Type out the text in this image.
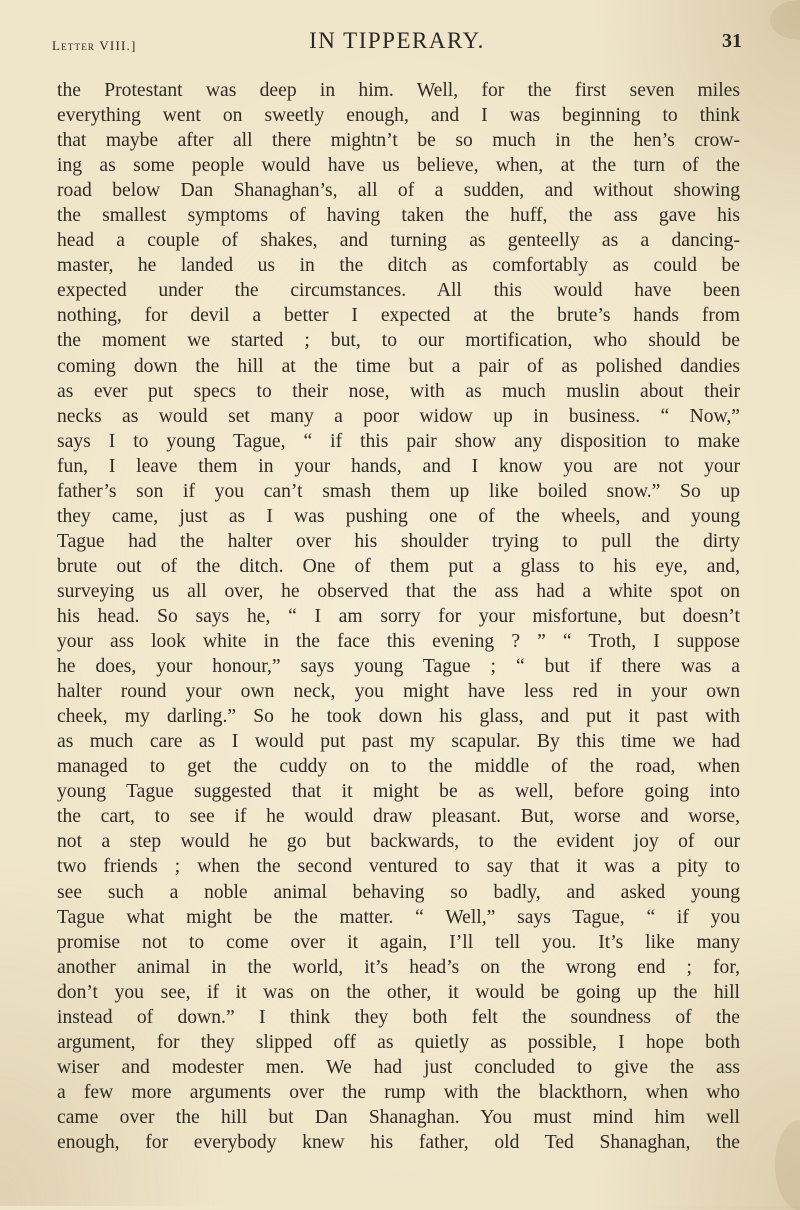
Letter VIII.]	IN TIPPERARY.	31
the Protestant was deep in him. Well, for the first seven miles
everything went on sweetly enough, and I was beginning to think
that maybe after all there mightn’t be so much in the hen’s crow-
ing as some people would have us believe, when, at the turn of the
road below Dan Shanaghan’s, all of a sudden, and without showing
the smallest symptoms of having taken the huff, the ass gave his
head a couple of shakes, and turning as genteelly as a dancing-
master, he landed us in the ditch as comfortably as could be
expected under the circumstances. All this would have been
nothing, for devil a better I expected at the brute’s hands from
the moment we started ; but, to our mortification, who should be
coming down the hill at the time but a pair of as polished dandies
as ever put specs to their nose, with as much muslin about their
necks as would set many a poor widow up in business. “ Now,”
says I to young Tague, “ if this pair show any disposition to make
fun, I leave them in your hands, and I know you are not your
father’s son if you can’t smash them up like boiled snow.” So up
they came, just as I was pushing one of the wheels, and young
Tague had the halter over his shoulder trying to pull the dirty
brute out of the ditch. One of them put a glass to his eye, and,
surveying us all over, he observed that the ass had a white spot on
his head. So says he, “ I am sorry for your misfortune, but doesn’t
your ass look white in the face this evening ? ” “ Troth, I suppose
he does, your honour,” says young Tague ; “ but if there was a
halter round your own neck, you might have less red in your own
cheek, my darling.” So he took down his glass, and put it past with
as much care as I would put past my scapular. By this time we had
managed to get the cuddy on to the middle of the road, when
young Tague suggested that it might be as well, before going into
the cart, to see if he would draw pleasant. But, worse and worse,
not a step would he go but backwards, to the evident joy of our
two friends ; when the second ventured to say that it was a pity to
see such a noble animal behaving so badly, and asked young
Tague what might be the matter. “ Well,” says Tague, “ if you
promise not to come over it again, I’ll tell you. It’s like many
another animal in the world, it’s head’s on the wrong end ; for,
don’t you see, if it was on the other, it would be going up the hill
instead of down.” I think they both felt the soundness of the
argument, for they slipped off as quietly as possible, I hope both
wiser and modester men. We had just concluded to give the ass
a few more arguments over the rump with the blackthorn, when who
came over the hill but Dan Shanaghan. You must mind him well
enough, for everybody knew his father, old Ted Shanaghan, the
